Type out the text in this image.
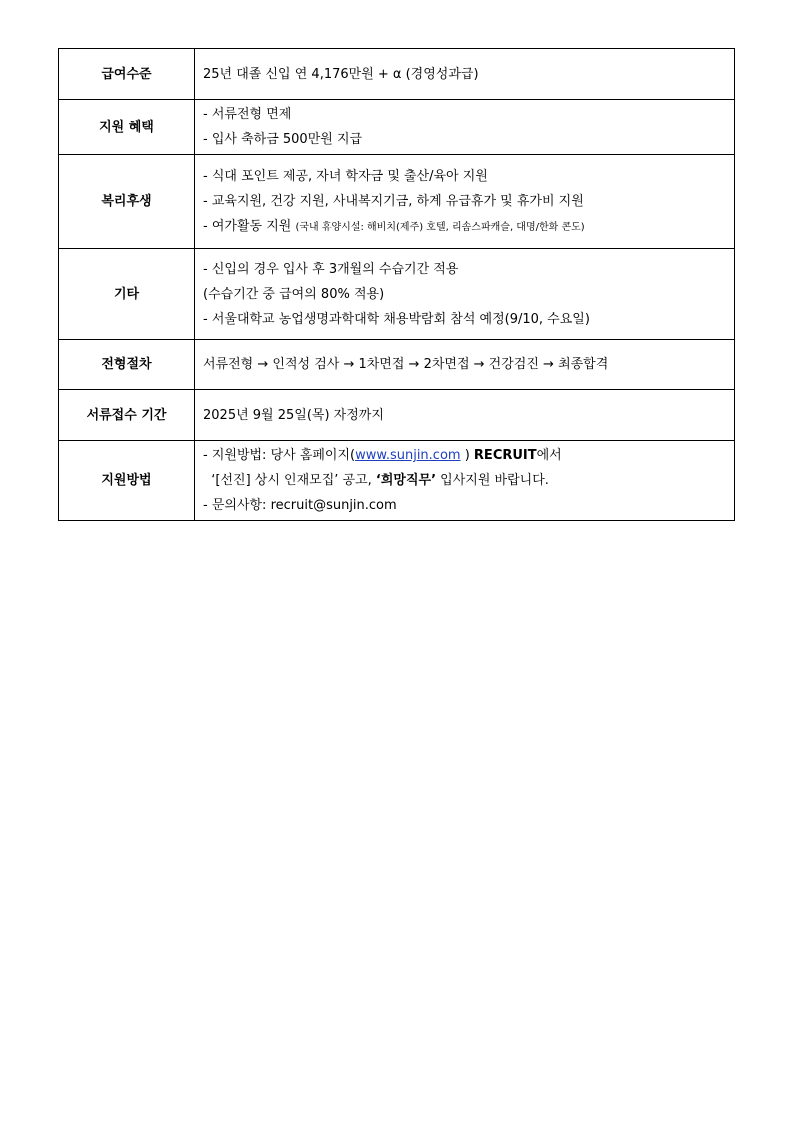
급여수준	25년 대졸 신입 연 4,176만원 + α (경영성과급)

지원 혜택	- 서류전형 면제
- 입사 축하금 500만원 지급

복리후생	- 식대 포인트 제공, 자녀 학자금 및 출산/육아 지원
- 교육지원, 건강 지원, 사내복지기금, 하계 유급휴가 및 휴가비 지원
- 여가활동 지원 (국내 휴양시설: 해비치(제주) 호텔, 리솜스파캐슬, 대명/한화 콘도)

기타	- 신입의 경우 입사 후 3개월의 수습기간 적용
(수습기간 중 급여의 80% 적용)
- 서울대학교 농업생명과학대학 채용박람회 참석 예정(9/10, 수요일)

전형절차	서류전형 → 인적성 검사 → 1차면접 → 2차면접 → 건강검진 → 최종합격

서류접수 기간	2025년 9월 25일(목) 자정까지

지원방법	- 지원방법: 당사 홈페이지(www.sunjin.com ) RECRUIT에서
‘[선진] 상시 인재모집’ 공고, ‘희망직무’ 입사지원 바랍니다.
- 문의사항: recruit@sunjin.com
